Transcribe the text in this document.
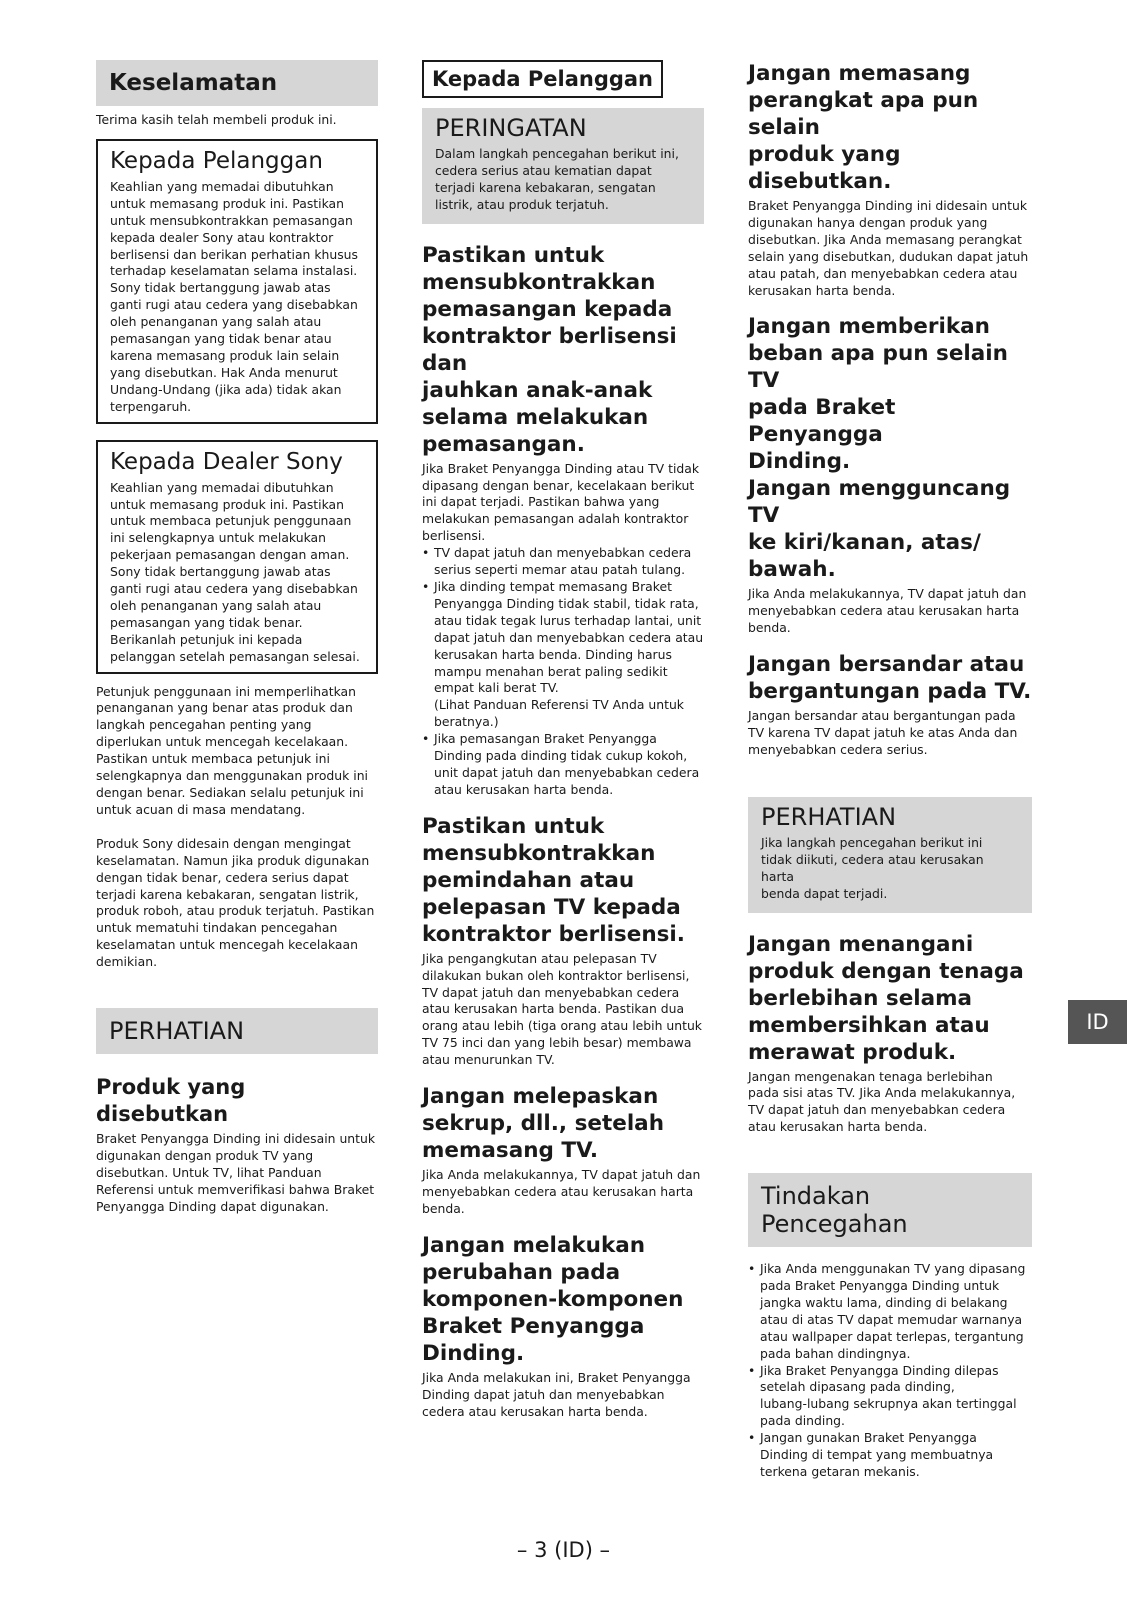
Keselamatan

Terima kasih telah membeli produk ini.

Kepada Pelanggan
Keahlian yang memadai dibutuhkan
untuk memasang produk ini. Pastikan
untuk mensubkontrakkan pemasangan
kepada dealer Sony atau kontraktor
berlisensi dan berikan perhatian khusus
terhadap keselamatan selama instalasi.
Sony tidak bertanggung jawab atas
ganti rugi atau cedera yang disebabkan
oleh penanganan yang salah atau
pemasangan yang tidak benar atau
karena memasang produk lain selain
yang disebutkan. Hak Anda menurut
Undang-Undang (jika ada) tidak akan
terpengaruh.
Kepada Dealer Sony
Keahlian yang memadai dibutuhkan
untuk memasang produk ini. Pastikan
untuk membaca petunjuk penggunaan
ini selengkapnya untuk melakukan
pekerjaan pemasangan dengan aman.
Sony tidak bertanggung jawab atas
ganti rugi atau cedera yang disebabkan
oleh penanganan yang salah atau
pemasangan yang tidak benar.
Berikanlah petunjuk ini kepada
pelanggan setelah pemasangan selesai.
Petunjuk penggunaan ini memperlihatkan
penanganan yang benar atas produk dan
langkah pencegahan penting yang
diperlukan untuk mencegah kecelakaan.
Pastikan untuk membaca petunjuk ini
selengkapnya dan menggunakan produk ini
dengan benar. Sediakan selalu petunjuk ini
untuk acuan di masa mendatang.
Produk Sony didesain dengan mengingat
keselamatan. Namun jika produk digunakan
dengan tidak benar, cedera serius dapat
terjadi karena kebakaran, sengatan listrik,
produk roboh, atau produk terjatuh. Pastikan
untuk mematuhi tindakan pencegahan
keselamatan untuk mencegah kecelakaan
demikian.
PERHATIAN
Produk yang disebutkan
Braket Penyangga Dinding ini didesain untuk
digunakan dengan produk TV yang
disebutkan. Untuk TV, lihat Panduan
Referensi untuk memverifikasi bahwa Braket
Penyangga Dinding dapat digunakan.
Kepada Pelanggan
PERINGATAN
Dalam langkah pencegahan berikut ini,
cedera serius atau kematian dapat
terjadi karena kebakaran, sengatan
listrik, atau produk terjatuh.
Pastikan untuk
mensubkontrakkan
pemasangan kepada
kontraktor berlisensi dan
jauhkan anak-anak
selama melakukan
pemasangan.
Jika Braket Penyangga Dinding atau TV tidak
dipasang dengan benar, kecelakaan berikut
ini dapat terjadi. Pastikan bahwa yang
melakukan pemasangan adalah kontraktor
berlisensi.
• TV dapat jatuh dan menyebabkan cedera
serius seperti memar atau patah tulang.
• Jika dinding tempat memasang Braket
Penyangga Dinding tidak stabil, tidak rata,
atau tidak tegak lurus terhadap lantai, unit
dapat jatuh dan menyebabkan cedera atau
kerusakan harta benda. Dinding harus
mampu menahan berat paling sedikit
empat kali berat TV.
(Lihat Panduan Referensi TV Anda untuk
beratnya.)
• Jika pemasangan Braket Penyangga
Dinding pada dinding tidak cukup kokoh,
unit dapat jatuh dan menyebabkan cedera
atau kerusakan harta benda.
Pastikan untuk
mensubkontrakkan
pemindahan atau
pelepasan TV kepada
kontraktor berlisensi.
Jika pengangkutan atau pelepasan TV
dilakukan bukan oleh kontraktor berlisensi,
TV dapat jatuh dan menyebabkan cedera
atau kerusakan harta benda. Pastikan dua
orang atau lebih (tiga orang atau lebih untuk
TV 75 inci dan yang lebih besar) membawa
atau menurunkan TV.
Jangan melepaskan
sekrup, dll., setelah
memasang TV.
Jika Anda melakukannya, TV dapat jatuh dan
menyebabkan cedera atau kerusakan harta
benda.
Jangan melakukan
perubahan pada
komponen-komponen
Braket Penyangga
Dinding.
Jika Anda melakukan ini, Braket Penyangga
Dinding dapat jatuh dan menyebabkan
cedera atau kerusakan harta benda.
Jangan memasang
perangkat apa pun selain
produk yang disebutkan.
Braket Penyangga Dinding ini didesain untuk
digunakan hanya dengan produk yang
disebutkan. Jika Anda memasang perangkat
selain yang disebutkan, dudukan dapat jatuh
atau patah, dan menyebabkan cedera atau
kerusakan harta benda.
Jangan memberikan
beban apa pun selain TV
pada Braket Penyangga
Dinding.
Jangan mengguncang TV
ke kiri/kanan, atas/
bawah.
Jika Anda melakukannya, TV dapat jatuh dan
menyebabkan cedera atau kerusakan harta
benda.
Jangan bersandar atau
bergantungan pada TV.
Jangan bersandar atau bergantungan pada
TV karena TV dapat jatuh ke atas Anda dan
menyebabkan cedera serius.
PERHATIAN
Jika langkah pencegahan berikut ini
tidak diikuti, cedera atau kerusakan harta
benda dapat terjadi.
Jangan menangani
produk dengan tenaga
berlebihan selama
membersihkan atau
merawat produk.
Jangan mengenakan tenaga berlebihan
pada sisi atas TV. Jika Anda melakukannya,
TV dapat jatuh dan menyebabkan cedera
atau kerusakan harta benda.
Tindakan Pencegahan
• Jika Anda menggunakan TV yang dipasang
pada Braket Penyangga Dinding untuk
jangka waktu lama, dinding di belakang
atau di atas TV dapat memudar warnanya
atau wallpaper dapat terlepas, tergantung
pada bahan dindingnya.
• Jika Braket Penyangga Dinding dilepas
setelah dipasang pada dinding,
lubang-lubang sekrupnya akan tertinggal
pada dinding.
• Jangan gunakan Braket Penyangga
Dinding di tempat yang membuatnya
terkena getaran mekanis.
ID
– 3 (ID) –
